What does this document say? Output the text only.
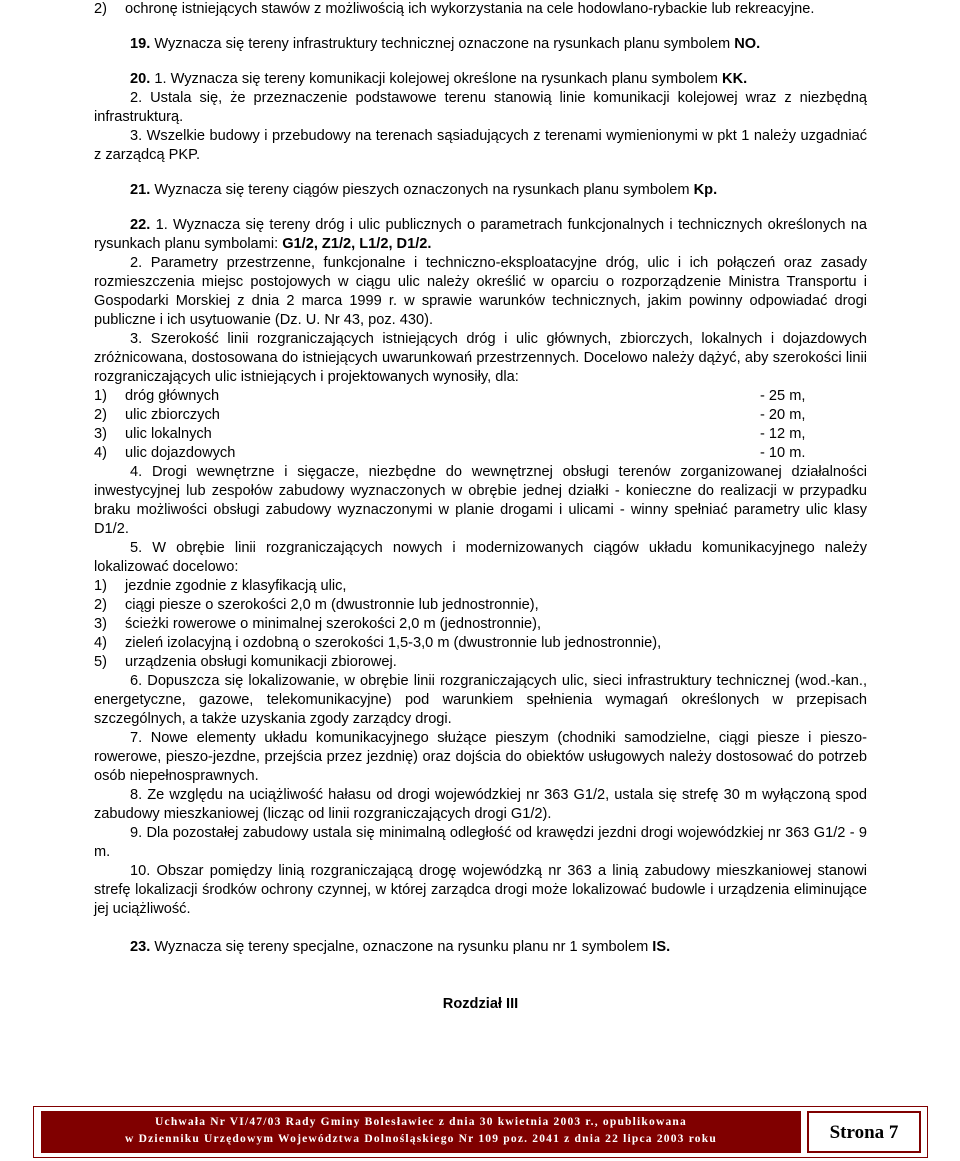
2)	ochronę istniejących stawów z możliwością ich wykorzystania na cele hodowlano-rybackie lub rekreacyjne.

19. Wyznacza się tereny infrastruktury technicznej oznaczone na rysunkach planu symbolem NO.

20. 1. Wyznacza się tereny komunikacji kolejowej określone na rysunkach planu symbolem KK.

2. Ustala się, że przeznaczenie podstawowe terenu stanowią linie komunikacji kolejowej wraz z niezbędną infrastrukturą.

3. Wszelkie budowy i przebudowy na terenach sąsiadujących z terenami wymienionymi w pkt 1 należy uzgadniać z zarządcą PKP.

21. Wyznacza się tereny ciągów pieszych oznaczonych na rysunkach planu symbolem Kp.

22. 1. Wyznacza się tereny dróg i ulic publicznych o parametrach funkcjonalnych i technicznych określonych na rysunkach planu symbolami: G1/2, Z1/2, L1/2, D1/2.

2. Parametry przestrzenne, funkcjonalne i techniczno-eksploatacyjne dróg, ulic i ich połączeń oraz zasady rozmieszczenia miejsc postojowych w ciągu ulic należy określić w oparciu o rozporządzenie Ministra Transportu i Gospodarki Morskiej z dnia 2 marca 1999 r. w sprawie warunków technicznych, jakim powinny odpowiadać drogi publiczne i ich usytuowanie (Dz. U. Nr 43, poz. 430).

3. Szerokość linii rozgraniczających istniejących dróg i ulic głównych, zbiorczych, lokalnych i dojazdowych zróżnicowana, dostosowana do istniejących uwarunkowań przestrzennych. Docelowo należy dążyć, aby szerokości linii rozgraniczających ulic istniejących i projektowanych wynosiły, dla:

1)	dróg głównych	- 25 m,
2)	ulic zbiorczych	- 20 m,
3)	ulic lokalnych	- 12 m,
4)	ulic dojazdowych	- 10 m.

4. Drogi wewnętrzne i sięgacze, niezbędne do wewnętrznej obsługi terenów zorganizowanej działalności inwestycyjnej lub zespołów zabudowy wyznaczonych w obrębie jednej działki - konieczne do realizacji w przypadku braku możliwości obsługi zabudowy wyznaczonymi w planie drogami i ulicami - winny spełniać parametry ulic klasy D1/2.

5. W obrębie linii rozgraniczających nowych i modernizowanych ciągów układu komunikacyjnego należy lokalizować docelowo:

1)	jezdnie zgodnie z klasyfikacją ulic,
2)	ciągi piesze o szerokości 2,0 m (dwustronnie lub jednostronnie),
3)	ścieżki rowerowe o minimalnej szerokości 2,0 m (jednostronnie),
4)	zieleń izolacyjną i ozdobną o szerokości 1,5-3,0 m (dwustronnie lub jednostronnie),
5)	urządzenia obsługi komunikacji zbiorowej.

6. Dopuszcza się lokalizowanie, w obrębie linii rozgraniczających ulic, sieci infrastruktury technicznej (wod.-kan., energetyczne, gazowe, telekomunikacyjne) pod warunkiem spełnienia wymagań określonych w przepisach szczególnych, a także uzyskania zgody zarządcy drogi.

7. Nowe elementy układu komunikacyjnego służące pieszym (chodniki samodzielne, ciągi piesze i pieszo-rowerowe, pieszo-jezdne, przejścia przez jezdnię) oraz dojścia do obiektów usługowych należy dostosować do potrzeb osób niepełnosprawnych.

8. Ze względu na uciążliwość hałasu od drogi wojewódzkiej nr 363 G1/2, ustala się strefę 30 m wyłączoną spod zabudowy mieszkaniowej (licząc od linii rozgraniczających drogi G1/2).

9. Dla pozostałej zabudowy ustala się minimalną odległość od krawędzi jezdni drogi wojewódzkiej nr 363 G1/2 - 9 m.

10. Obszar pomiędzy linią rozgraniczającą drogę wojewódzką nr 363 a linią zabudowy mieszkaniowej stanowi strefę lokalizacji środków ochrony czynnej, w której zarządca drogi może lokalizować budowle i urządzenia eliminujące jej uciążliwość.

23. Wyznacza się tereny specjalne, oznaczone na rysunku planu nr 1 symbolem IS.

Rozdział III

Uchwała Nr VI/47/03 Rady Gminy Bolesławiec z dnia 30 kwietnia 2003 r., opublikowana
w Dzienniku Urzędowym Województwa Dolnośląskiego Nr 109 poz. 2041 z dnia 22 lipca 2003 roku	Strona 7
